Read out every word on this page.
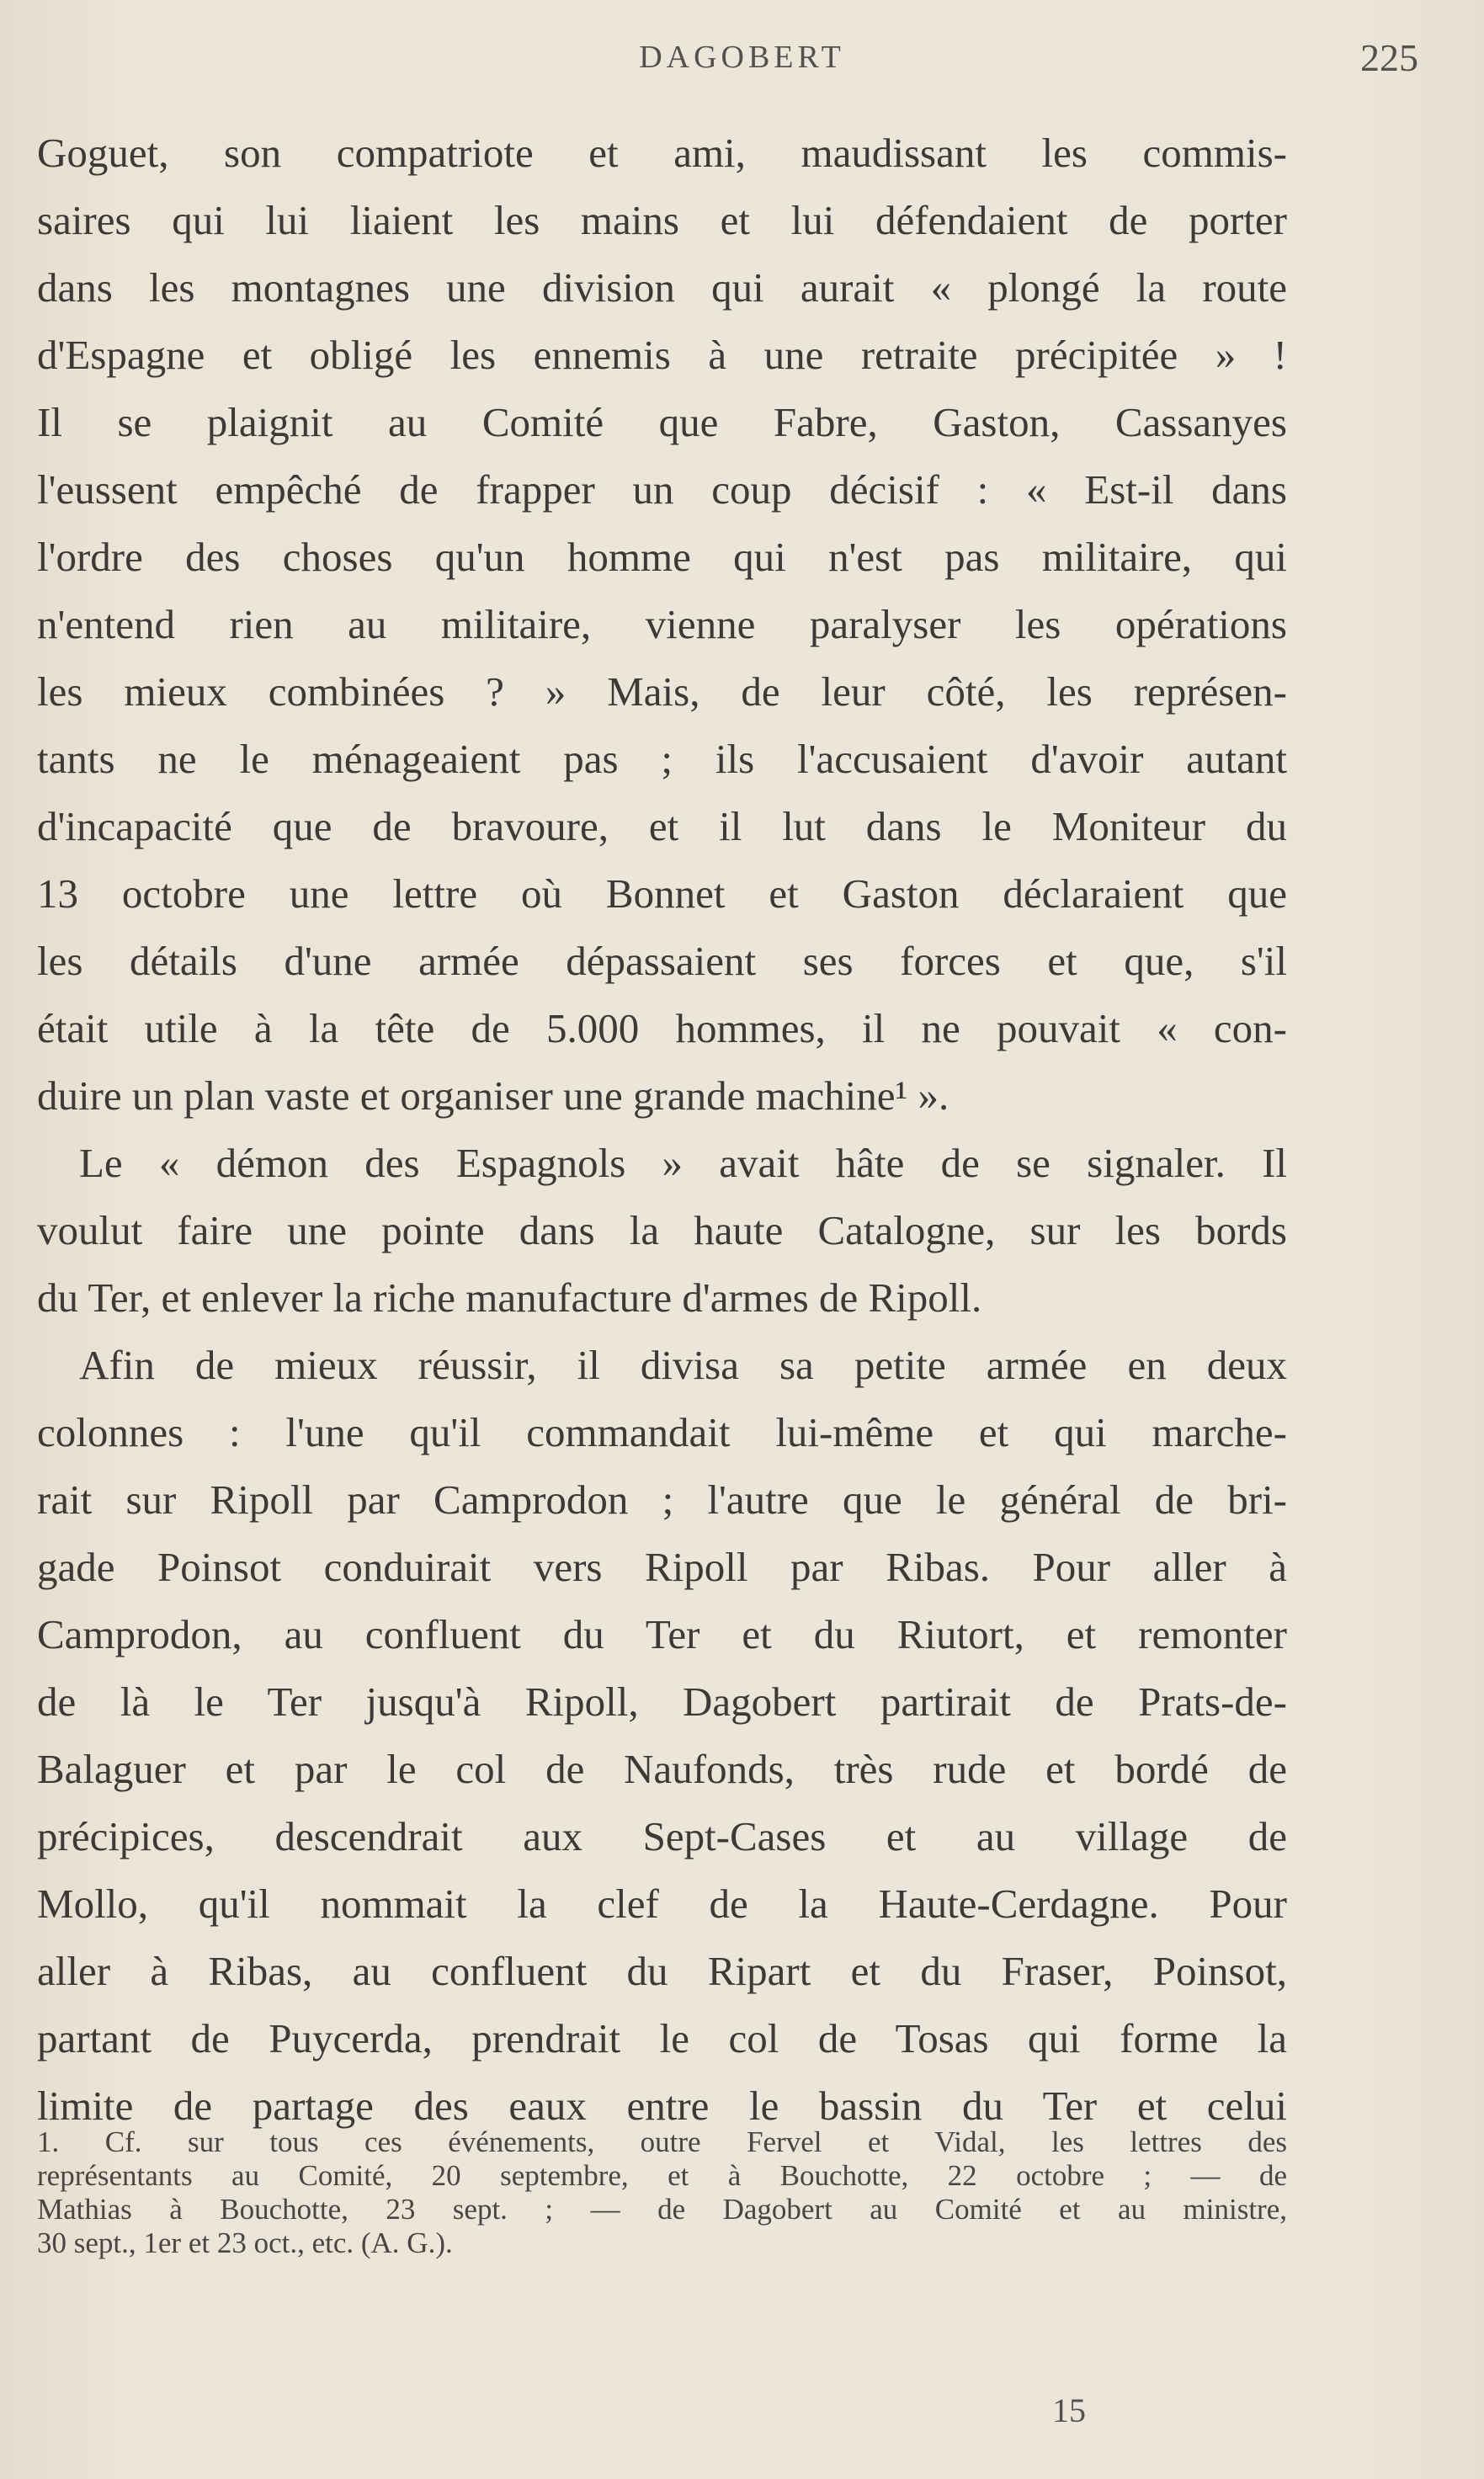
DAGOBERT	225
Goguet, son compatriote et ami, maudissant les commis-
saires qui lui liaient les mains et lui défendaient de porter
dans les montagnes une division qui aurait « plongé la route
d'Espagne et obligé les ennemis à une retraite précipitée » !
Il se plaignit au Comité que Fabre, Gaston, Cassanyes
l'eussent empêché de frapper un coup décisif : « Est-il dans
l'ordre des choses qu'un homme qui n'est pas militaire, qui
n'entend rien au militaire, vienne paralyser les opérations
les mieux combinées ? » Mais, de leur côté, les représen-
tants ne le ménageaient pas ; ils l'accusaient d'avoir autant
d'incapacité que de bravoure, et il lut dans le Moniteur du
13 octobre une lettre où Bonnet et Gaston déclaraient que
les détails d'une armée dépassaient ses forces et que, s'il
était utile à la tête de 5.000 hommes, il ne pouvait « con-
duire un plan vaste et organiser une grande machine¹ ».
Le « démon des Espagnols » avait hâte de se signaler. Il
voulut faire une pointe dans la haute Catalogne, sur les bords
du Ter, et enlever la riche manufacture d'armes de Ripoll.
Afin de mieux réussir, il divisa sa petite armée en deux
colonnes : l'une qu'il commandait lui-même et qui marche-
rait sur Ripoll par Camprodon ; l'autre que le général de bri-
gade Poinsot conduirait vers Ripoll par Ribas. Pour aller à
Camprodon, au confluent du Ter et du Riutort, et remonter
de là le Ter jusqu'à Ripoll, Dagobert partirait de Prats-de-
Balaguer et par le col de Naufonds, très rude et bordé de
précipices, descendrait aux Sept-Cases et au village de
Mollo, qu'il nommait la clef de la Haute-Cerdagne. Pour
aller à Ribas, au confluent du Ripart et du Fraser, Poinsot,
partant de Puycerda, prendrait le col de Tosas qui forme la
limite de partage des eaux entre le bassin du Ter et celui
1. Cf. sur tous ces événements, outre Fervel et Vidal, les lettres des
représentants au Comité, 20 septembre, et à Bouchotte, 22 octobre ; — de
Mathias à Bouchotte, 23 sept. ; — de Dagobert au Comité et au ministre,
30 sept., 1er et 23 oct., etc. (A. G.).
15
